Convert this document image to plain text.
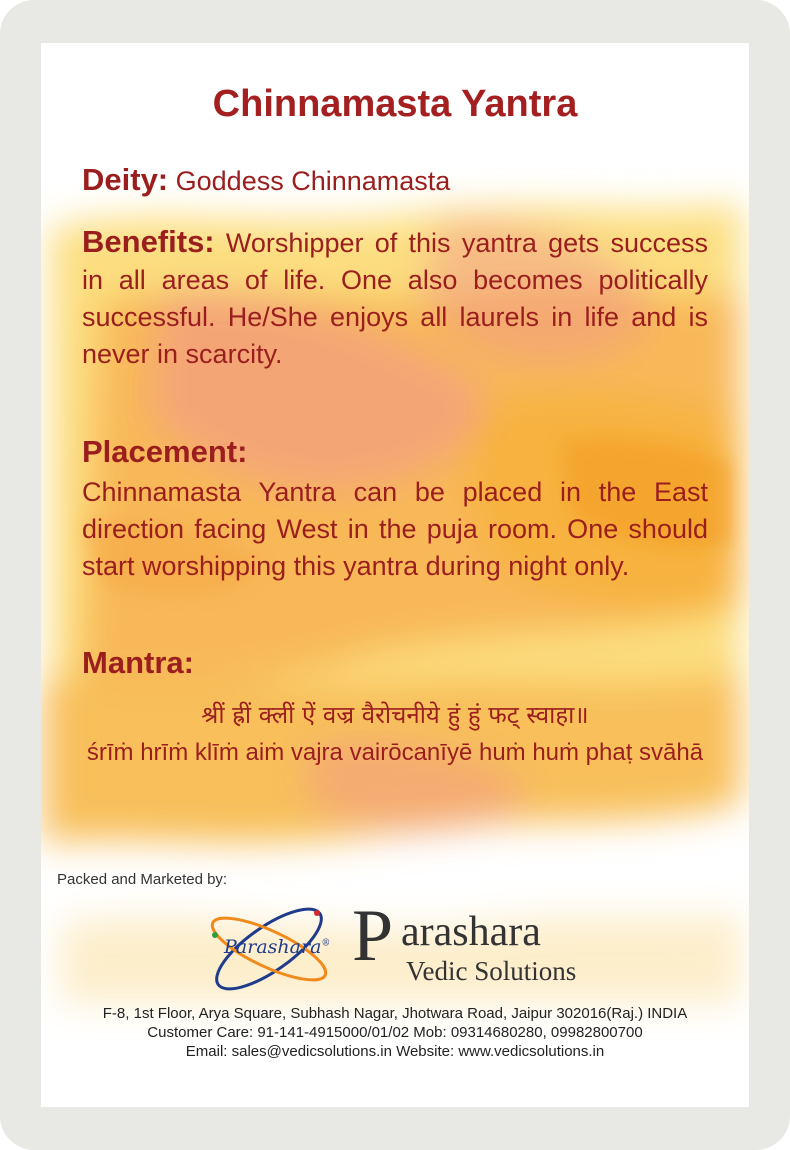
Chinnamasta Yantra

Deity: Goddess Chinnamasta

Benefits: Worshipper of this yantra gets success in all areas of life. One also becomes politically successful. He/She enjoys all laurels in life and is never in scarcity.

Placement:

Chinnamasta Yantra can be placed in the East direction facing West in the puja room. One should start worshipping this yantra during night only.

Mantra:

श्रीं ह्रीं क्लीं ऐं वज्र वैरोचनीये हुं हुं फट् स्वाहा॥

śrīṁ hrīṁ klīṁ aiṁ vajra vairōcanīyē huṁ huṁ phaṭ svāhā

Packed and Marketed by:

Parashara® P arashara
Vedic Solutions

F-8, 1st Floor, Arya Square, Subhash Nagar, Jhotwara Road, Jaipur 302016(Raj.) INDIA

Customer Care: 91-141-4915000/01/02 Mob: 09314680280, 09982800700

Email: sales@vedicsolutions.in Website: www.vedicsolutions.in
